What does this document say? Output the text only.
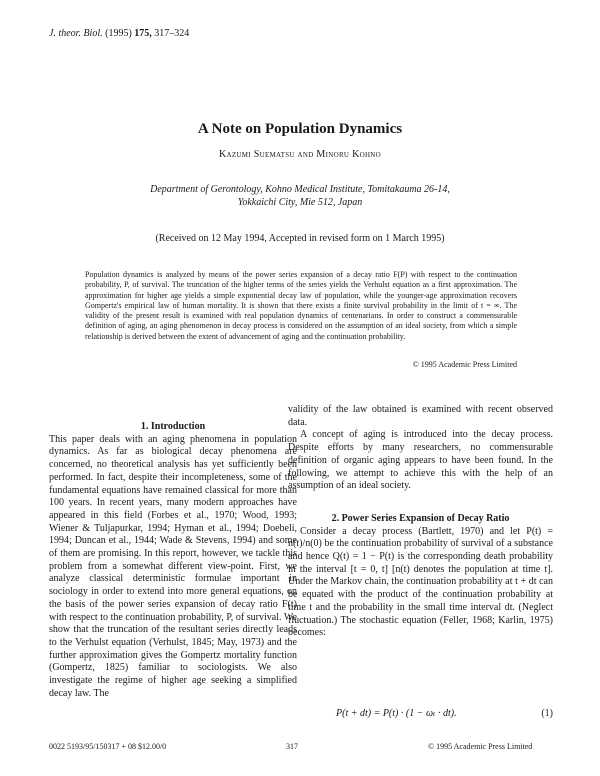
J. theor. Biol. (1995) 175, 317–324
A Note on Population Dynamics
Kazumi Suematsu and Minoru Kohno
Department of Gerontology, Kohno Medical Institute, Tomitakauma 26-14,
Yokkaichi City, Mie 512, Japan
(Received on 12 May 1994, Accepted in revised form on 1 March 1995)
Population dynamics is analyzed by means of the power series expansion of a decay ratio F(P) with respect to the continuation probability, P, of survival. The truncation of the higher terms of the series yields the Verhulst equation as a first approximation. The approximation for higher age yields a simple exponential decay law of population, while the younger-age approximation recovers Gompertz's empirical law of human mortality. It is shown that there exists a finite survival probability in the limit of t = ∞. The validity of the present result is examined with real population dynamics of centenarians. In order to construct a commensurable definition of aging, an aging phenomenon in decay process is considered on the assumption of an ideal society, from which a simple relationship is derived between the extent of advancement of aging and the continuation probability.
© 1995 Academic Press Limited

1. Introduction

This paper deals with an aging phenomena in population dynamics. As far as biological decay phenomena are concerned, no theoretical analysis has yet sufficiently been performed. In fact, despite their incompleteness, some of the fundamental equations have remained classical for more than 100 years. In recent years, many modern approaches have appeared in this field (Forbes et al., 1970; Wood, 1993; Wiener & Tuljapurkar, 1994; Hyman et al., 1994; Doebeli, 1994; Duncan et al., 1944; Wade & Stevens, 1994) and some of them are promising. In this report, however, we tackle this problem from a somewhat different view-point. First, we analyze classical deterministic formulae important in sociology in order to extend into more general equations, on the basis of the power series expansion of decay ratio F(t) with respect to the continuation probability, P, of survival. We show that the truncation of the resultant series directly leads to the Verhulst equation (Verhulst, 1845; May, 1973) and the further approximation gives the Gompertz mortality function (Gompertz, 1825) familiar to sociologists. We also investigate the regime of higher age seeking a simplified decay law. The

validity of the law obtained is examined with recent observed data.

A concept of aging is introduced into the decay process. Despite efforts by many researchers, no commensurable definition of organic aging appears to have been found. In the following, we attempt to achieve this with the help of an assumption of an ideal society.

2. Power Series Expansion of Decay Ratio

Consider a decay process (Bartlett, 1970) and let P(t) = n(t)/n(0) be the continuation probability of survival of a substance and hence Q(t) = 1 − P(t) is the corresponding death probability in the interval [t = 0, t] [n(t) denotes the population at time t]. Under the Markov chain, the continuation probability at t + dt can be equated with the product of the continuation probability at time t and the probability in the small time interval dt. (Neglect fluctuation.) The stochastic equation (Feller, 1968; Karlin, 1975) becomes:

P(t + dt) = P(t) · (1 − ωₜ · dt).	(1)
0022 5193/95/150317 + 08 $12.00/0	317	© 1995 Academic Press Limited
